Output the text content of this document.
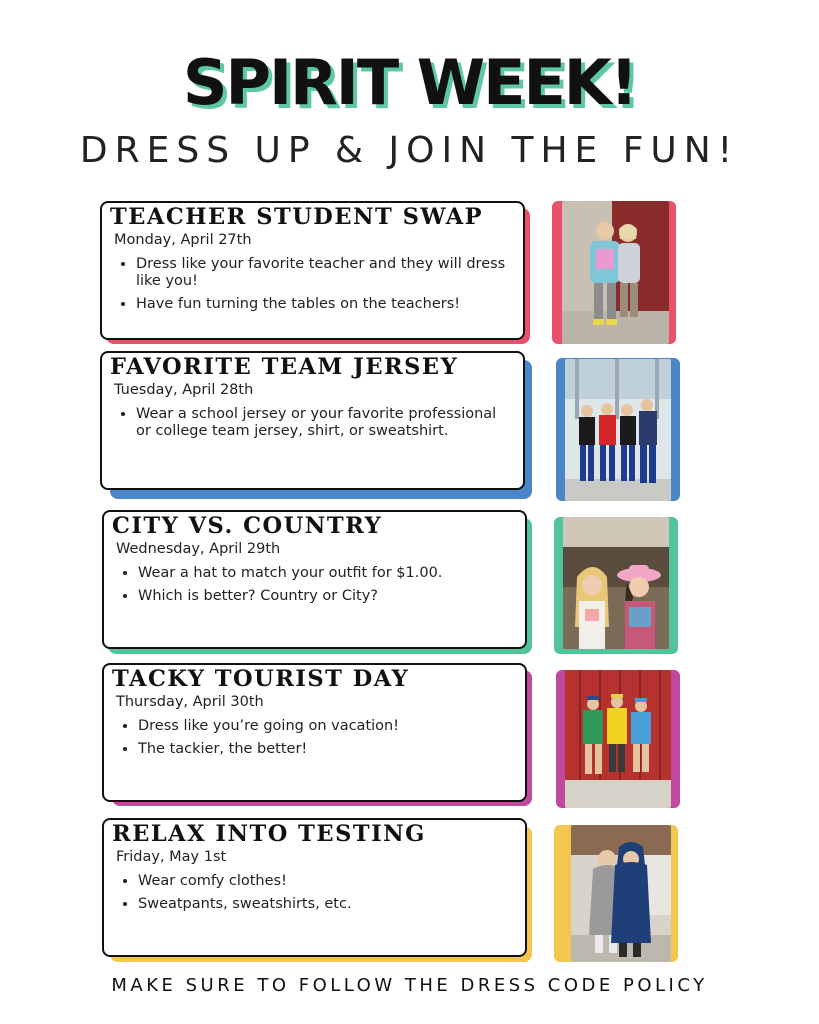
SPIRIT WEEK!

DRESS UP & JOIN THE FUN!

TEACHER STUDENT SWAP

Monday, April 27th

• Dress like your favorite teacher and they will dress like you!
• Have fun turning the tables on the teachers!
FAVORITE TEAM JERSEY

Tuesday, April 28th

• Wear a school jersey or your favorite professional or college team jersey, shirt, or sweatshirt.
CITY VS. COUNTRY

Wednesday, April 29th

• Wear a hat to match your outfit for $1.00.
• Which is better? Country or City?
TACKY TOURIST DAY

Thursday, April 30th

• Dress like you’re going on vacation!
• The tackier, the better!
RELAX INTO TESTING

Friday, May 1st

• Wear comfy clothes!
• Sweatpants, sweatshirts, etc.

MAKE SURE TO FOLLOW THE DRESS CODE POLICY
